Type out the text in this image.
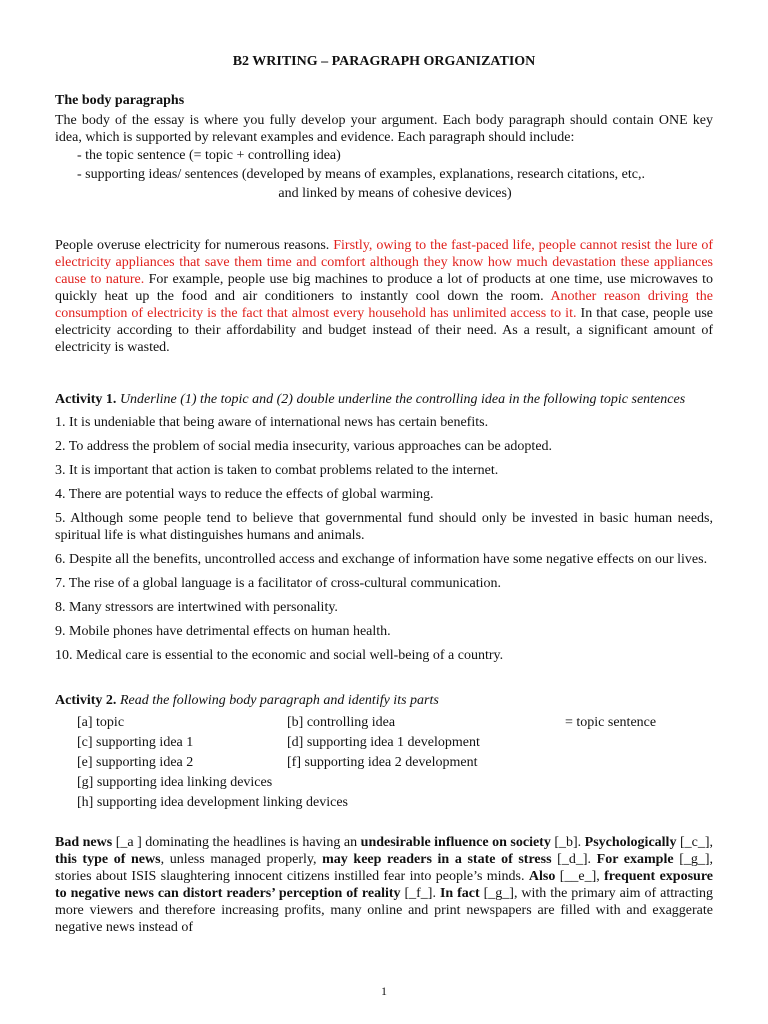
B2 WRITING – PARAGRAPH ORGANIZATION
The body paragraphs

The body of the essay is where you fully develop your argument. Each body paragraph should contain ONE key idea, which is supported by relevant examples and evidence. Each paragraph should include:

- the topic sentence (= topic + controlling idea)
- supporting ideas/ sentences (developed by means of examples, explanations, research citations, etc,.
and linked by means of cohesive devices)

People overuse electricity for numerous reasons. Firstly, owing to the fast-paced life, people cannot resist the lure of electricity appliances that save them time and comfort although they know how much devastation these appliances cause to nature. For example, people use big machines to produce a lot of products at one time, use microwaves to quickly heat up the food and air conditioners to instantly cool down the room. Another reason driving the consumption of electricity is the fact that almost every household has unlimited access to it. In that case, people use electricity according to their affordability and budget instead of their need. As a result, a significant amount of electricity is wasted.

Activity 1. Underline (1) the topic and (2) double underline the controlling idea in the following topic sentences

1. It is undeniable that being aware of international news has certain benefits.
2. To address the problem of social media insecurity, various approaches can be adopted.
3. It is important that action is taken to combat problems related to the internet.
4. There are potential ways to reduce the effects of global warming.
5. Although some people tend to believe that governmental fund should only be invested in basic human needs, spiritual life is what distinguishes humans and animals.
6. Despite all the benefits, uncontrolled access and exchange of information have some negative effects on our lives.
7. The rise of a global language is a facilitator of cross-cultural communication.
8. Many stressors are intertwined with personality.
9. Mobile phones have detrimental effects on human health.
10. Medical care is essential to the economic and social well-being of a country.

Activity 2. Read the following body paragraph and identify its parts

[a] topic	[b] controlling idea	= topic sentence
[c] supporting idea 1	[d] supporting idea 1 development
[e] supporting idea 2	[f] supporting idea 2 development
[g] supporting idea linking devices
[h] supporting idea development linking devices

Bad news [_a ] dominating the headlines is having an undesirable influence on society [_b]. Psychologically [_c_], this type of news, unless managed properly, may keep readers in a state of stress [_d_]. For example [_g_], stories about ISIS slaughtering innocent citizens instilled fear into people’s minds. Also [__e_], frequent exposure to negative news can distort readers’ perception of reality [_f_]. In fact [_g_], with the primary aim of attracting more viewers and therefore increasing profits, many online and print newspapers are filled with and exaggerate negative news instead of

1
